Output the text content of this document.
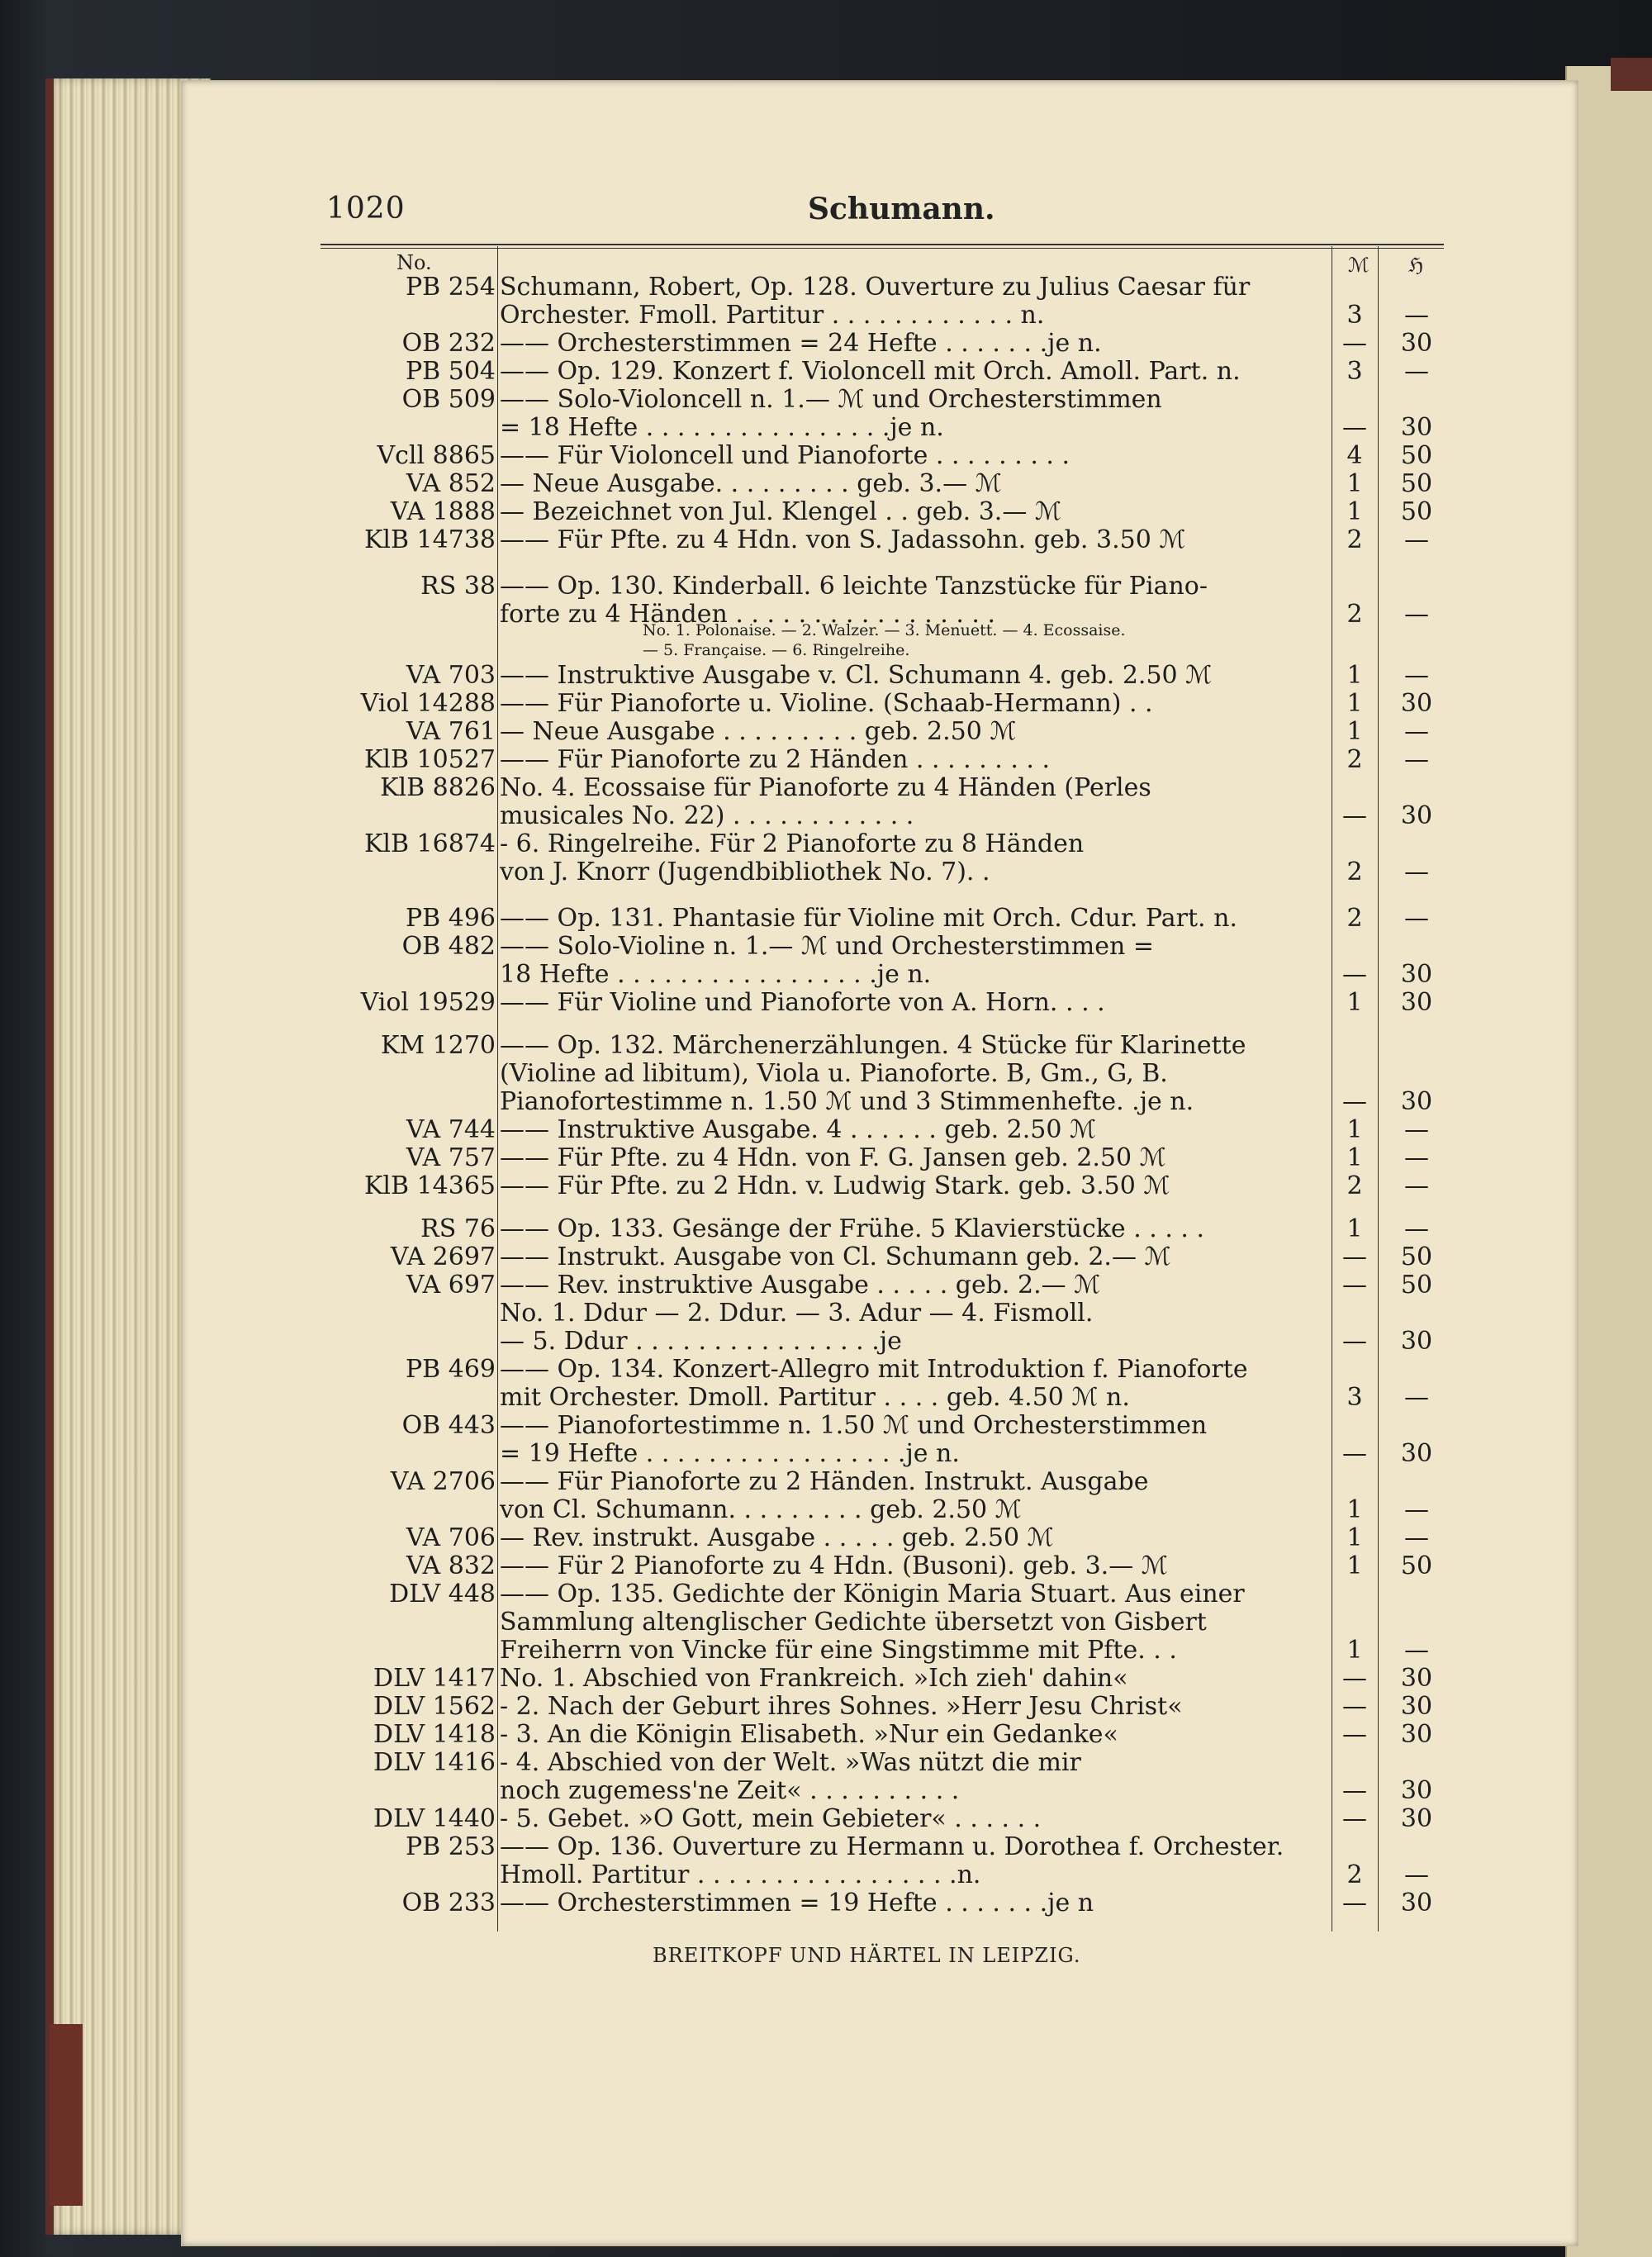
1020	Schumann.
No.	ℳ ℌ
PB 254 Schumann, Robert, Op. 128. Ouverture zu Julius Caesar für
Orchester. Fmoll. Partitur . . . . . . . . . . . . n.	3	—
OB 232 —— Orchesterstimmen = 24 Hefte . . . . . . .je n.	—	30
PB 504 —— Op. 129. Konzert f. Violoncell mit Orch. Amoll. Part. n.	3	—
OB 509 —— Solo-Violoncell n. 1.— ℳ und Orchesterstimmen
= 18 Hefte . . . . . . . . . . . . . . . .je n.	—	30
Vcll 8865 —— Für Violoncell und Pianoforte . . . . . . . . .	4	50
VA 852 — Neue Ausgabe. . . . . . . . . geb. 3.— ℳ	1	50
VA 1888 — Bezeichnet von Jul. Klengel . . geb. 3.— ℳ	1	50
KlB 14738 —— Für Pfte. zu 4 Hdn. von S. Jadassohn. geb. 3.50 ℳ	2	—
RS 38 —— Op. 130. Kinderball. 6 leichte Tanzstücke für Piano-
forte zu 4 Händen . . . . . . . . . . . . . . . . .	2	—
VA 703 —— Instruktive Ausgabe v. Cl. Schumann 4. geb. 2.50 ℳ	1	—
Viol 14288 —— Für Pianoforte u. Violine. (Schaab-Hermann) . .	1	30
VA 761 — Neue Ausgabe . . . . . . . . . geb. 2.50 ℳ	1	—
KlB 10527 —— Für Pianoforte zu 2 Händen . . . . . . . . .	2	—
KlB 8826 No. 4. Ecossaise für Pianoforte zu 4 Händen (Perles
musicales No. 22) . . . . . . . . . . . .	—	30
KlB 16874 - 6. Ringelreihe. Für 2 Pianoforte zu 8 Händen
von J. Knorr (Jugendbibliothek No. 7). .	2	—
PB 496 —— Op. 131. Phantasie für Violine mit Orch. Cdur. Part. n.	2	—
OB 482 —— Solo-Violine n. 1.— ℳ und Orchesterstimmen =
18 Hefte . . . . . . . . . . . . . . . . .je n.	—	30
Viol 19529 —— Für Violine und Pianoforte von A. Horn. . . .	1	30
KM 1270 —— Op. 132. Märchenerzählungen. 4 Stücke für Klarinette
(Violine ad libitum), Viola u. Pianoforte. B, Gm., G, B.
Pianofortestimme n. 1.50 ℳ und 3 Stimmenhefte. .je n.	—	30
VA 744 —— Instruktive Ausgabe. 4 . . . . . . geb. 2.50 ℳ	1	—
VA 757 —— Für Pfte. zu 4 Hdn. von F. G. Jansen geb. 2.50 ℳ	1	—
KlB 14365 —— Für Pfte. zu 2 Hdn. v. Ludwig Stark. geb. 3.50 ℳ	2	—
RS 76 —— Op. 133. Gesänge der Frühe. 5 Klavierstücke . . . . .	1	—
VA 2697 —— Instrukt. Ausgabe von Cl. Schumann geb. 2.— ℳ	—	50
VA 697 —— Rev. instruktive Ausgabe . . . . . geb. 2.— ℳ	—	50
No. 1. Ddur — 2. Ddur. — 3. Adur — 4. Fismoll.
— 5. Ddur . . . . . . . . . . . . . . . .je	—	30
PB 469 —— Op. 134. Konzert-Allegro mit Introduktion f. Pianoforte
mit Orchester. Dmoll. Partitur . . . . geb. 4.50 ℳ n.	3	—
OB 443 —— Pianofortestimme n. 1.50 ℳ und Orchesterstimmen
= 19 Hefte . . . . . . . . . . . . . . . . .je n.	—	30
VA 2706 —— Für Pianoforte zu 2 Händen. Instrukt. Ausgabe
von Cl. Schumann. . . . . . . . . geb. 2.50 ℳ	1	—
VA 706 — Rev. instrukt. Ausgabe . . . . . geb. 2.50 ℳ	1	—
VA 832 —— Für 2 Pianoforte zu 4 Hdn. (Busoni). geb. 3.— ℳ	1	50
DLV 448 —— Op. 135. Gedichte der Königin Maria Stuart. Aus einer
Sammlung altenglischer Gedichte übersetzt von Gisbert
Freiherrn von Vincke für eine Singstimme mit Pfte. . .	1	—
DLV 1417 No. 1. Abschied von Frankreich. »Ich zieh' dahin«	—	30
DLV 1562 - 2. Nach der Geburt ihres Sohnes. »Herr Jesu Christ«	—	30
DLV 1418 - 3. An die Königin Elisabeth. »Nur ein Gedanke«	—	30
DLV 1416 - 4. Abschied von der Welt. »Was nützt die mir
noch zugemess'ne Zeit« . . . . . . . . . .	—	30
DLV 1440 - 5. Gebet. »O Gott, mein Gebieter« . . . . . .	—	30
PB 253 —— Op. 136. Ouverture zu Hermann u. Dorothea f. Orchester.
Hmoll. Partitur . . . . . . . . . . . . . . . . .n.	2	—
OB 233 —— Orchesterstimmen = 19 Hefte . . . . . . .je n	—	30
No. 1. Polonaise. — 2. Walzer. — 3. Menuett. — 4. Ecossaise.
— 5. Française. — 6. Ringelreihe.
BREITKOPF UND HÄRTEL IN LEIPZIG.
